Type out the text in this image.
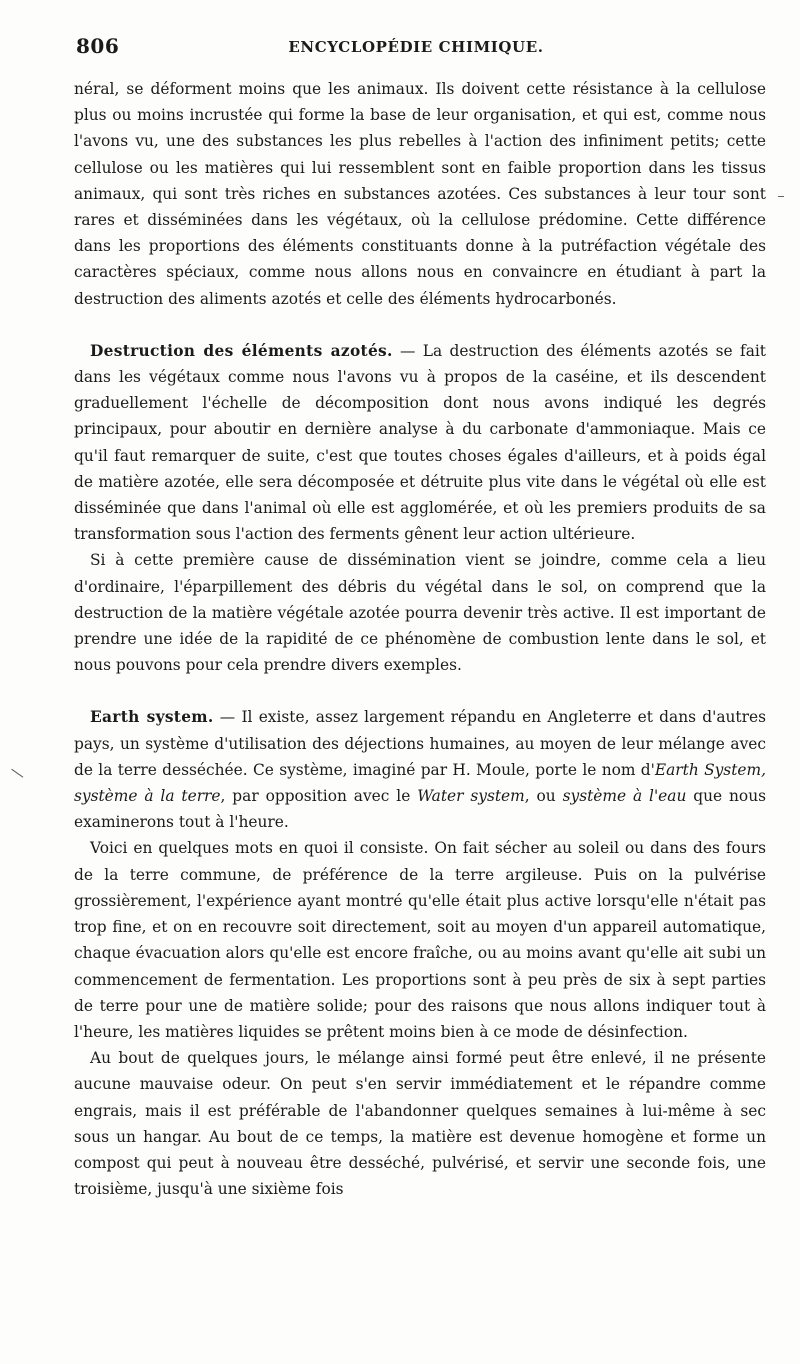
806	ENCYCLOPÉDIE CHIMIQUE.

néral, se déforment moins que les animaux. Ils doivent cette résistance à la cellulose plus ou moins incrustée qui forme la base de leur organisation, et qui est, comme nous l'avons vu, une des substances les plus rebelles à l'action des infiniment petits; cette cellulose ou les matières qui lui ressemblent sont en faible proportion dans les tissus animaux, qui sont très riches en substances azotées. Ces substances à leur tour sont rares et disséminées dans les végétaux, où la cellulose prédomine. Cette différence dans les proportions des éléments constituants donne à la putréfaction végétale des caractères spéciaux, comme nous allons nous en convaincre en étudiant à part la destruction des aliments azotés et celle des éléments hydrocarbonés.

Destruction des éléments azotés. — La destruction des éléments azotés se fait dans les végétaux comme nous l'avons vu à propos de la caséine, et ils descendent graduellement l'échelle de décomposition dont nous avons indiqué les degrés principaux, pour aboutir en dernière analyse à du carbonate d'ammoniaque. Mais ce qu'il faut remarquer de suite, c'est que toutes choses égales d'ailleurs, et à poids égal de matière azotée, elle sera décomposée et détruite plus vite dans le végétal où elle est disséminée que dans l'animal où elle est agglomérée, et où les premiers produits de sa transformation sous l'action des ferments gênent leur action ultérieure.

Si à cette première cause de dissémination vient se joindre, comme cela a lieu d'ordinaire, l'éparpillement des débris du végétal dans le sol, on comprend que la destruction de la matière végétale azotée pourra devenir très active. Il est important de prendre une idée de la rapidité de ce phénomène de combustion lente dans le sol, et nous pouvons pour cela prendre divers exemples.

Earth system. — Il existe, assez largement répandu en Angleterre et dans d'autres pays, un système d'utilisation des déjections humaines, au moyen de leur mélange avec de la terre desséchée. Ce système, imaginé par H. Moule, porte le nom d'Earth System, système à la terre, par opposition avec le Water system, ou système à l'eau que nous examinerons tout à l'heure.

Voici en quelques mots en quoi il consiste. On fait sécher au soleil ou dans des fours de la terre commune, de préférence de la terre argileuse. Puis on la pulvérise grossièrement, l'expérience ayant montré qu'elle était plus active lorsqu'elle n'était pas trop fine, et on en recouvre soit directement, soit au moyen d'un appareil automatique, chaque évacuation alors qu'elle est encore fraîche, ou au moins avant qu'elle ait subi un commencement de fermentation. Les proportions sont à peu près de six à sept parties de terre pour une de matière solide; pour des raisons que nous allons indiquer tout à l'heure, les matières liquides se prêtent moins bien à ce mode de désinfection.

Au bout de quelques jours, le mélange ainsi formé peut être enlevé, il ne présente aucune mauvaise odeur. On peut s'en servir immédiatement et le répandre comme engrais, mais il est préférable de l'abandonner quelques semaines à lui-même à sec sous un hangar. Au bout de ce temps, la matière est devenue homogène et forme un compost qui peut à nouveau être desséché, pulvérisé, et servir une seconde fois, une troisième, jusqu'à une sixième fois
